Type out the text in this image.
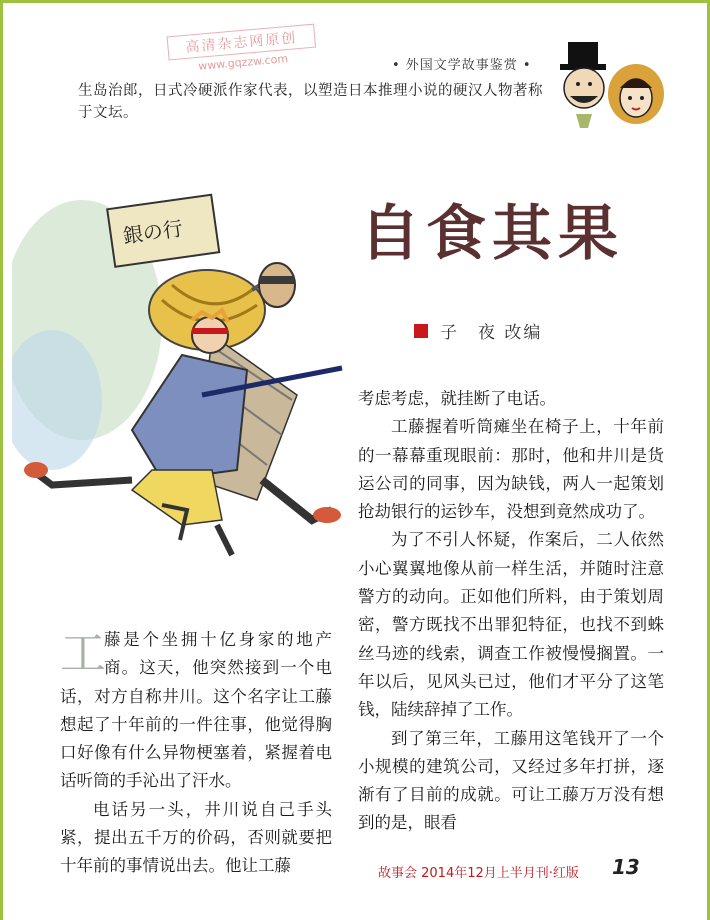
高清杂志网原创
www.gqzzw.com	• 外国文学故事鉴赏 •
生岛治郎，日式冷硬派作家代表，以塑造日本推理小说的硬汉人物著称于文坛。
自食其果
子　夜 改编
銀の行

工
藤是个坐拥十亿身家的地产商。这天，他突然接到一个电话，对方自称井川。这个名字让工藤想起了十年前的一件往事，他觉得胸口好像有什么异物梗塞着，紧握着电话听筒的手沁出了汗水。

电话另一头，井川说自己手头紧，提出五千万的价码，否则就要把十年前的事情说出去。他让工藤

考虑考虑，就挂断了电话。

工藤握着听筒瘫坐在椅子上，十年前的一幕幕重现眼前：那时，他和井川是货运公司的同事，因为缺钱，两人一起策划抢劫银行的运钞车，没想到竟然成功了。

为了不引人怀疑，作案后，二人依然小心翼翼地像从前一样生活，并随时注意警方的动向。正如他们所料，由于策划周密，警方既找不出罪犯特征，也找不到蛛丝马迹的线索，调查工作被慢慢搁置。一年以后，见风头已过，他们才平分了这笔钱，陆续辞掉了工作。

到了第三年，工藤用这笔钱开了一个小规模的建筑公司，又经过多年打拼，逐渐有了目前的成就。可让工藤万万没有想到的是，眼看

故事会 2014年12月上半月刊·红版 13
